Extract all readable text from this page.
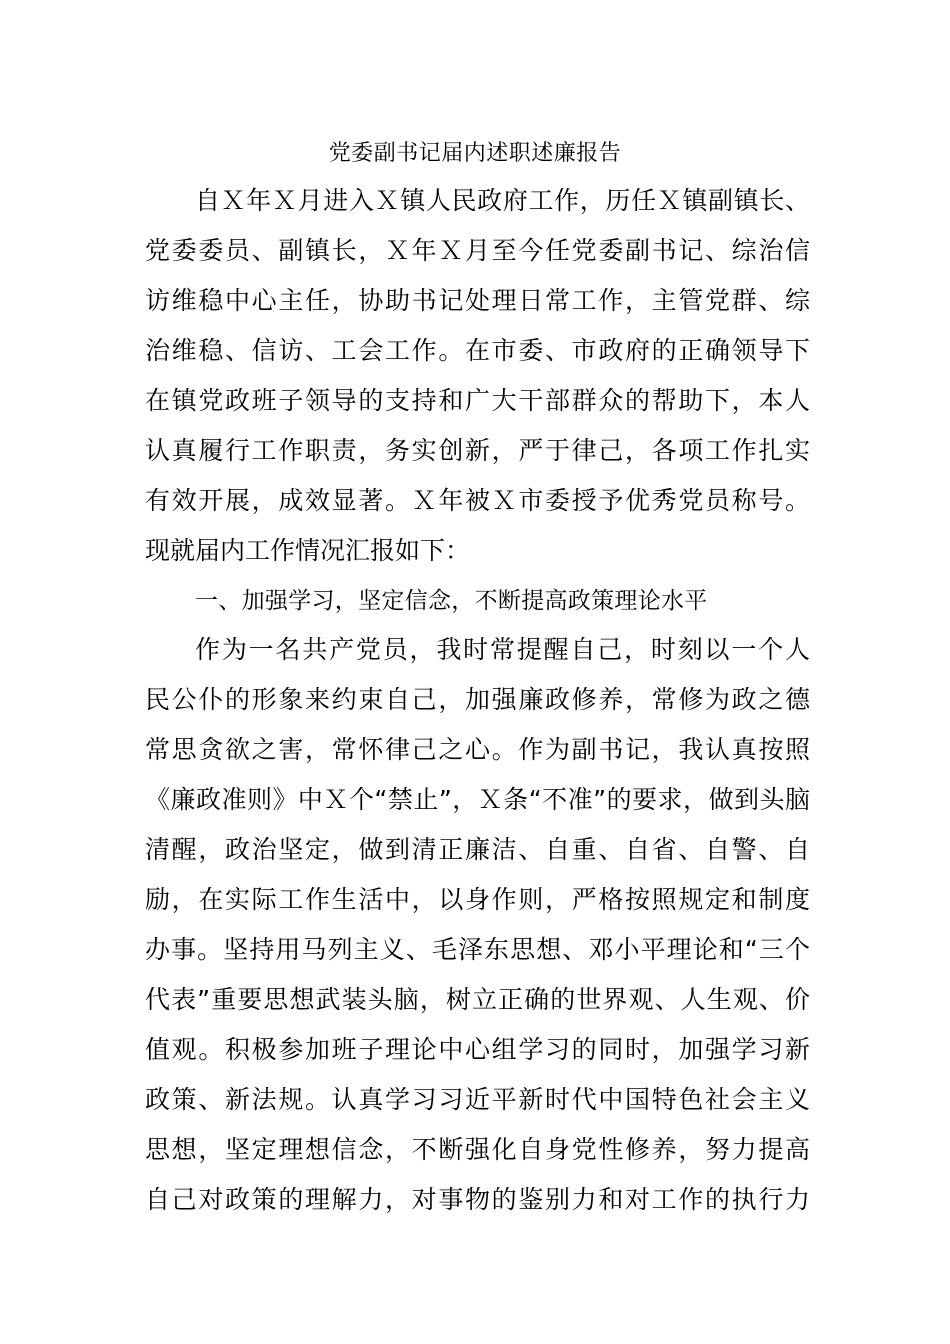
党委副书记届内述职述廉报告
自Ｘ年Ｘ月进入Ｘ镇人民政府工作，历任Ｘ镇副镇长、
党委委员、副镇长，Ｘ年Ｘ月至今任党委副书记、综治信
访维稳中心主任，协助书记处理日常工作，主管党群、综
治维稳、信访、工会工作。在市委、市政府的正确领导下
在镇党政班子领导的支持和广大干部群众的帮助下，本人
认真履行工作职责，务实创新，严于律己，各项工作扎实
有效开展，成效显著。Ｘ年被Ｘ市委授予优秀党员称号。
现就届内工作情况汇报如下：
一、加强学习，坚定信念，不断提高政策理论水平
作为一名共产党员，我时常提醒自己，时刻以一个人
民公仆的形象来约束自己，加强廉政修养，常修为政之德
常思贪欲之害，常怀律己之心。作为副书记，我认真按照
《廉政准则》中Ｘ个“禁止”，Ｘ条“不准”的要求，做到头脑
清醒，政治坚定，做到清正廉洁、自重、自省、自警、自
励，在实际工作生活中，以身作则，严格按照规定和制度
办事。坚持用马列主义、毛泽东思想、邓小平理论和“三个
代表”重要思想武装头脑，树立正确的世界观、人生观、价
值观。积极参加班子理论中心组学习的同时，加强学习新
政策、新法规。认真学习习近平新时代中国特色社会主义
思想，坚定理想信念，不断强化自身党性修养，努力提高
自己对政策的理解力，对事物的鉴别力和对工作的执行力
